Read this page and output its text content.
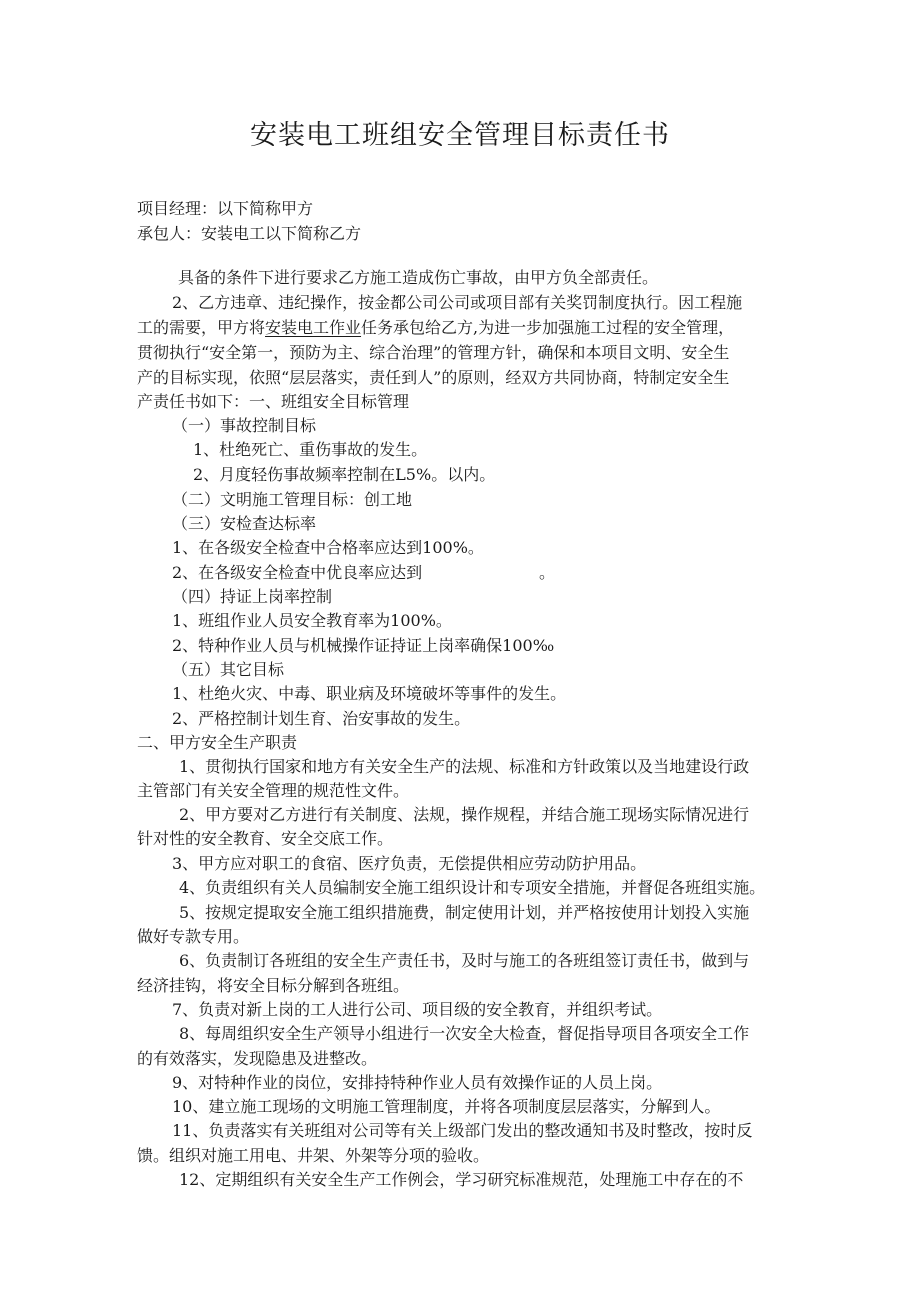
安装电工班组安全管理目标责任书
项目经理：以下简称甲方
承包人：安装电工以下简称乙方
具备的条件下进行要求乙方施工造成伤亡事故，由甲方负全部责任。
2、乙方违章、违纪操作，按金都公司公司或项目部有关奖罚制度执行。因工程施
工的需要，甲方将安装电工作业任务承包给乙方,为进一步加强施工过程的安全管理，
贯彻执行“安全第一，预防为主、综合治理”的管理方针，确保和本项目文明、安全生
产的目标实现，依照“层层落实，责任到人”的原则，经双方共同协商，特制定安全生
产责任书如下：一、班组安全目标管理
（一）事故控制目标
1、杜绝死亡、重伤事故的发生。
2、月度轻伤事故频率控制在L5%。以内。
（二）文明施工管理目标：创工地
（三）安检查达标率
1、在各级安全检查中合格率应达到100%。
2、在各级安全检查中优良率应达到	。
（四）持证上岗率控制
1、班组作业人员安全教育率为100%。
2、特种作业人员与机械操作证持证上岗率确保100‰
（五）其它目标
1、杜绝火灾、中毒、职业病及环境破坏等事件的发生。
2、严格控制计划生育、治安事故的发生。
二、甲方安全生产职责
1、贯彻执行国家和地方有关安全生产的法规、标准和方针政策以及当地建设行政
主管部门有关安全管理的规范性文件。
2、甲方要对乙方进行有关制度、法规，操作规程，并结合施工现场实际情况进行
针对性的安全教育、安全交底工作。
3、甲方应对职工的食宿、医疗负责，无偿提供相应劳动防护用品。
4、负责组织有关人员编制安全施工组织设计和专项安全措施，并督促各班组实施。
5、按规定提取安全施工组织措施费，制定使用计划，并严格按使用计划投入实施
做好专款专用。
6、负责制订各班组的安全生产责任书，及时与施工的各班组签订责任书，做到与
经济挂钩，将安全目标分解到各班组。
7、负责对新上岗的工人进行公司、项目级的安全教育，并组织考试。
8、每周组织安全生产领导小组进行一次安全大检查，督促指导项目各项安全工作
的有效落实，发现隐患及进整改。
9、对特种作业的岗位，安排持特种作业人员有效操作证的人员上岗。
10、建立施工现场的文明施工管理制度，并将各项制度层层落实，分解到人。
11、负责落实有关班组对公司等有关上级部门发出的整改通知书及时整改，按时反
馈。组织对施工用电、井架、外架等分项的验收。
12、定期组织有关安全生产工作例会，学习研究标准规范，处理施工中存在的不
